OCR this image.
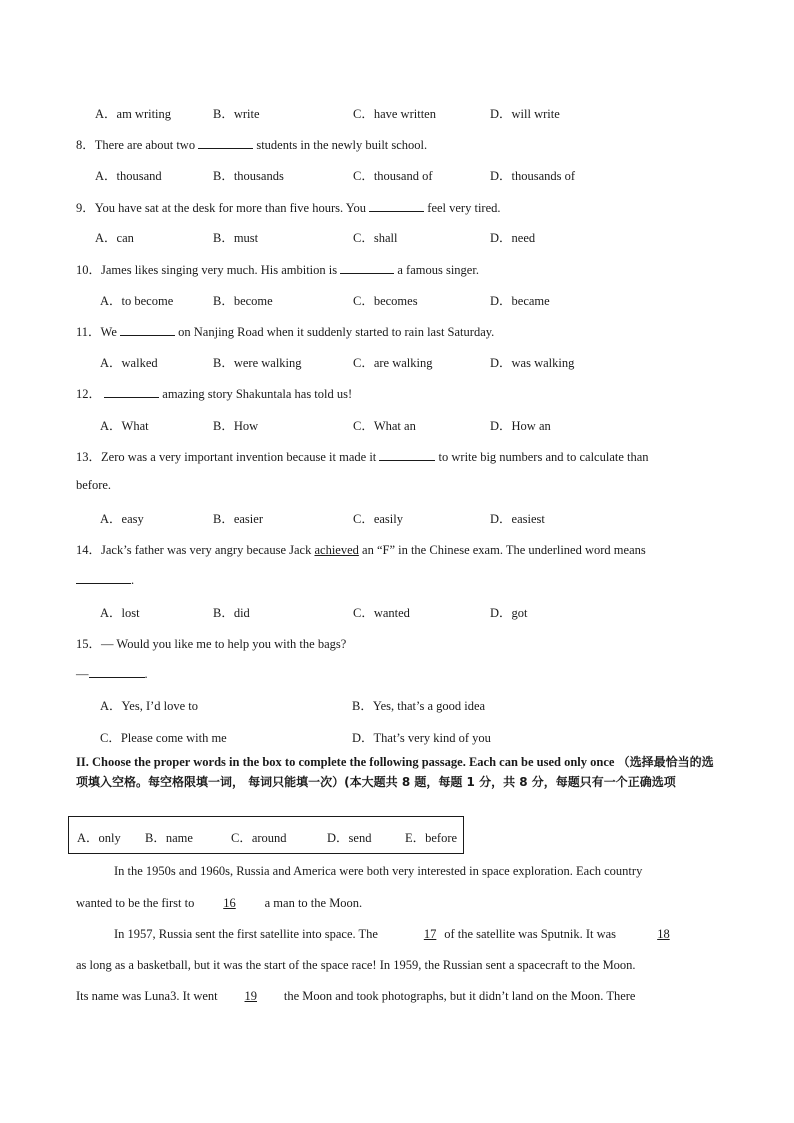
A．am writing	B．write	C．have written	D．will write
8．There are about two	students in the newly built school.
A．thousand	B．thousands	C．thousand of	D．thousands of
9．You have sat at the desk for more than five hours. You	feel very tired.
A．can	B．must	C．shall	D．need
10．James likes singing very much. His ambition is	a famous singer.
A．to become	B．become	C．becomes	D．became
11．We	on Nanjing Road when it suddenly started to rain last Saturday.
A．walked	B．were walking	C．are walking	D．was walking
12．	amazing story Shakuntala has told us!
A．What	B．How	C．What an	D．How an
13．Zero was a very important invention because it made it	to write big numbers and to calculate than
before.
A．easy	B．easier	C．easily	D．easiest
14．Jack’s father was very angry because Jack achieved an “F” in the Chinese exam. The underlined word means
.
A．lost	B．did	C．wanted	D．got
15．— Would you like me to help you with the bags?
—	.
A．Yes, I’d love to	B．Yes, that’s a good idea
C．Please come with me	D．That’s very kind of you
II. Choose the proper words in the box to complete the following passage. Each can be used only once （选择最恰当的选项填入空格。每空格限填一词， 每词只能填一次）(本大题共 8 题，每题 1 分，共 8 分，每题只有一个正确选项
A．only B．name	C．around	D．send	E．before
In the 1950s and 1960s, Russia and America were both very interested in space exploration. Each country
wanted to be the first to 16 a man to the Moon.
In 1957, Russia sent the first satellite into space. The	17 of the satellite was Sputnik. It was	18
as long as a basketball, but it was the start of the space race! In 1959, the Russian sent a spacecraft to the Moon.
Its name was Luna3. It went 19 the Moon and took photographs, but it didn’t land on the Moon. There
